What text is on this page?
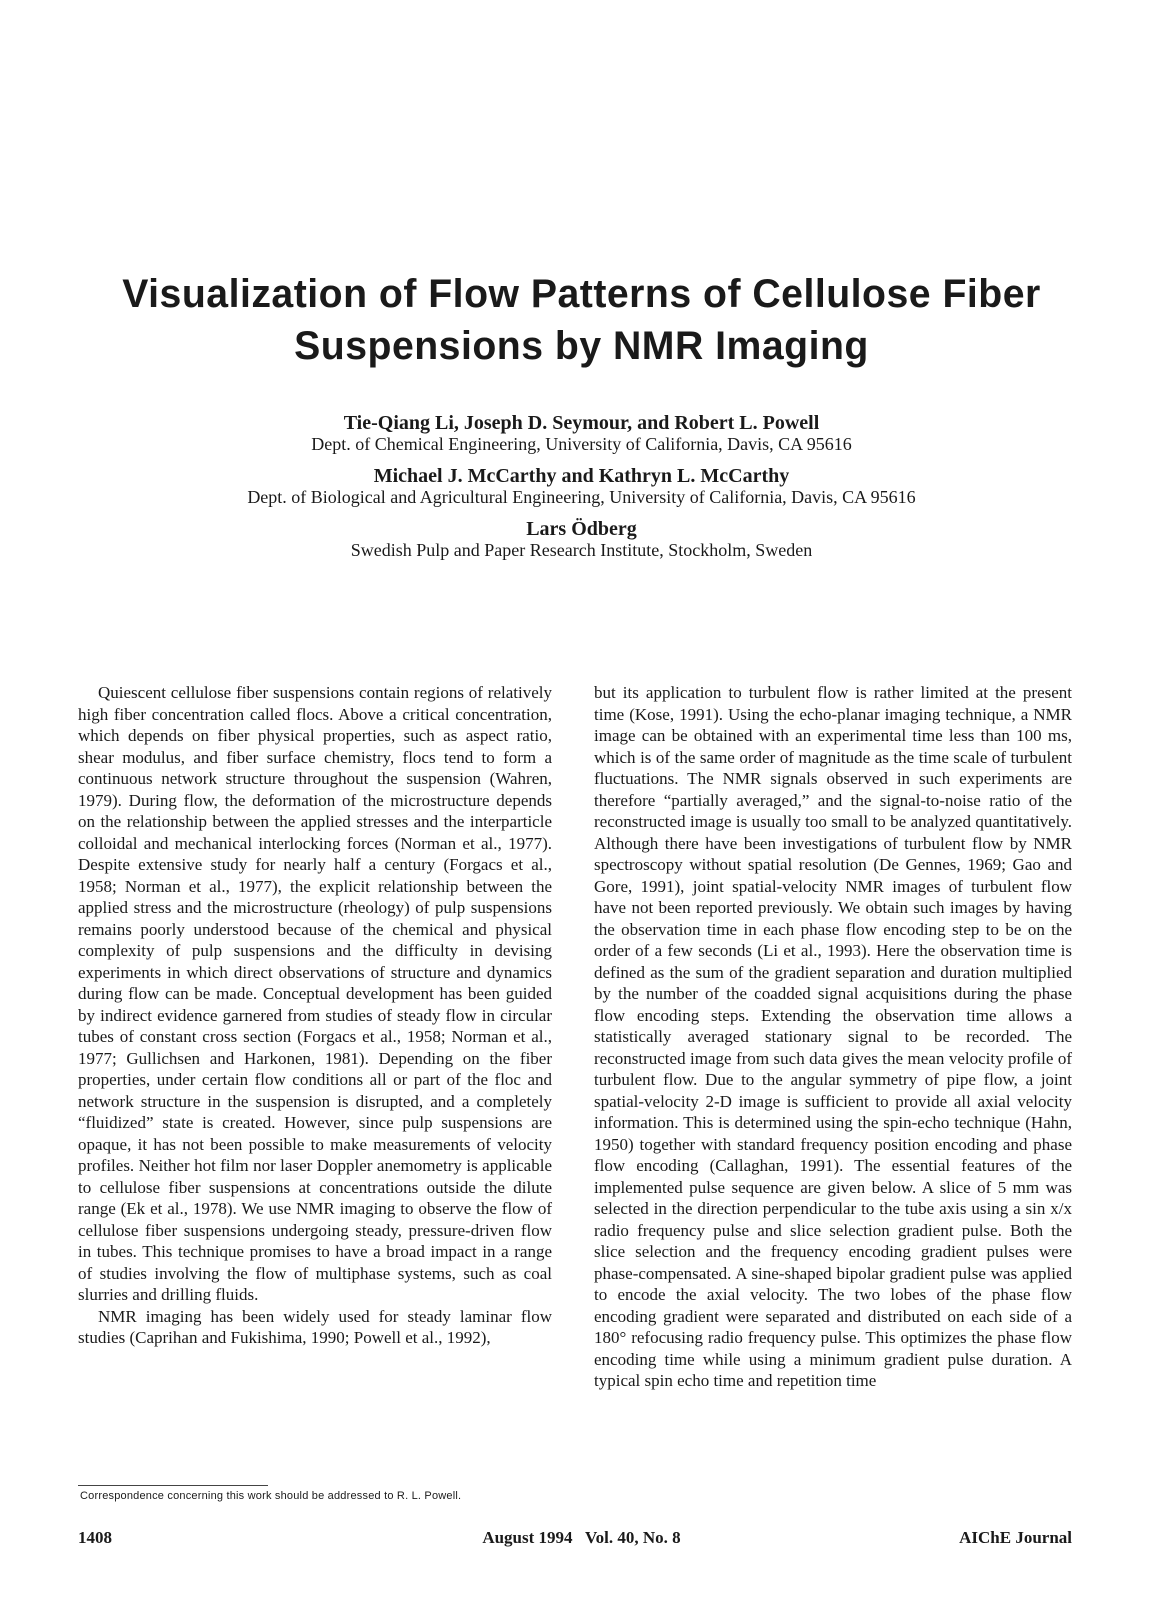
Visualization of Flow Patterns of Cellulose Fiber
Suspensions by NMR Imaging
Tie-Qiang Li, Joseph D. Seymour, and Robert L. Powell
Dept. of Chemical Engineering, University of California, Davis, CA 95616
Michael J. McCarthy and Kathryn L. McCarthy
Dept. of Biological and Agricultural Engineering, University of California, Davis, CA 95616
Lars Ödberg
Swedish Pulp and Paper Research Institute, Stockholm, Sweden

Quiescent cellulose fiber suspensions contain regions of relatively high fiber concentration called flocs. Above a critical concentration, which depends on fiber physical properties, such as aspect ratio, shear modulus, and fiber surface chemistry, flocs tend to form a continuous network structure throughout the suspension (Wahren, 1979). During flow, the deformation of the microstructure depends on the relationship between the applied stresses and the interparticle colloidal and mechanical interlocking forces (Norman et al., 1977). Despite extensive study for nearly half a century (Forgacs et al., 1958; Norman et al., 1977), the explicit relationship between the applied stress and the microstructure (rheology) of pulp suspensions remains poorly understood because of the chemical and physical complexity of pulp suspensions and the difficulty in devising experiments in which direct observations of structure and dynamics during flow can be made. Conceptual development has been guided by indirect evidence garnered from studies of steady flow in circular tubes of constant cross section (Forgacs et al., 1958; Norman et al., 1977; Gullichsen and Harkonen, 1981). Depending on the fiber properties, under certain flow conditions all or part of the floc and network structure in the suspension is disrupted, and a completely “fluidized” state is created. However, since pulp suspensions are opaque, it has not been possible to make measurements of velocity profiles. Neither hot film nor laser Doppler anemometry is applicable to cellulose fiber suspensions at concentrations outside the dilute range (Ek et al., 1978). We use NMR imaging to observe the flow of cellulose fiber suspensions undergoing steady, pressure-driven flow in tubes. This technique promises to have a broad impact in a range of studies involving the flow of multiphase systems, such as coal slurries and drilling fluids.

NMR imaging has been widely used for steady laminar flow studies (Caprihan and Fukishima, 1990; Powell et al., 1992),

but its application to turbulent flow is rather limited at the present time (Kose, 1991). Using the echo-planar imaging technique, a NMR image can be obtained with an experimental time less than 100 ms, which is of the same order of magnitude as the time scale of turbulent fluctuations. The NMR signals observed in such experiments are therefore “partially averaged,” and the signal-to-noise ratio of the reconstructed image is usually too small to be analyzed quantitatively. Although there have been investigations of turbulent flow by NMR spectroscopy without spatial resolution (De Gennes, 1969; Gao and Gore, 1991), joint spatial-velocity NMR images of turbulent flow have not been reported previously. We obtain such images by having the observation time in each phase flow encoding step to be on the order of a few seconds (Li et al., 1993). Here the observation time is defined as the sum of the gradient separation and duration multiplied by the number of the coadded signal acquisitions during the phase flow encoding steps. Extending the observation time allows a statistically averaged stationary signal to be recorded. The reconstructed image from such data gives the mean velocity profile of turbulent flow. Due to the angular symmetry of pipe flow, a joint spatial-velocity 2-D image is sufficient to provide all axial velocity information. This is determined using the spin-echo technique (Hahn, 1950) together with standard frequency position encoding and phase flow encoding (Callaghan, 1991). The essential features of the implemented pulse sequence are given below. A slice of 5 mm was selected in the direction perpendicular to the tube axis using a sin x/x radio frequency pulse and slice selection gradient pulse. Both the slice selection and the frequency encoding gradient pulses were phase-compensated. A sine-shaped bipolar gradient pulse was applied to encode the axial velocity. The two lobes of the phase flow encoding gradient were separated and distributed on each side of a 180° refocusing radio frequency pulse. This optimizes the phase flow encoding time while using a minimum gradient pulse duration. A typical spin echo time and repetition time

Correspondence concerning this work should be addressed to R. L. Powell.
1408	August 1994   Vol. 40, No. 8	AIChE Journal
